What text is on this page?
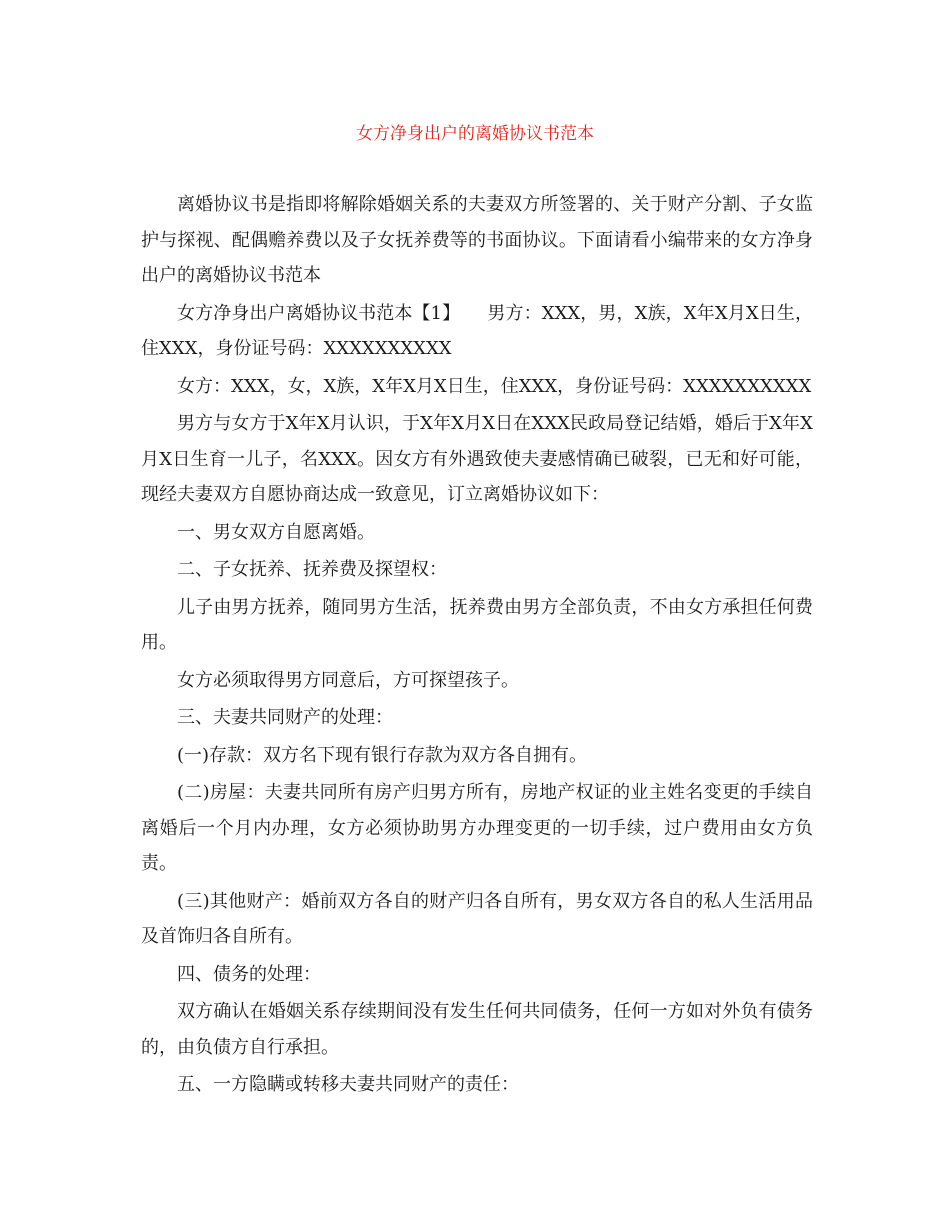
女方净身出户的离婚协议书范本

离婚协议书是指即将解除婚姻关系的夫妻双方所签署的、关于财产分割、子女监护与探视、配偶赡养费以及子女抚养费等的书面协议。下面请看小编带来的女方净身出户的离婚协议书范本

女方净身出户离婚协议书范本【1】　　男方：XXX，男，X族，X年X月X日生，住XXX，身份证号码：XXXXXXXXXX

女方：XXX，女，X族，X年X月X日生，住XXX，身份证号码：XXXXXXXXXX

男方与女方于X年X月认识，于X年X月X日在XXX民政局登记结婚，婚后于X年X月X日生育一儿子，名XXX。因女方有外遇致使夫妻感情确已破裂，已无和好可能，现经夫妻双方自愿协商达成一致意见，订立离婚协议如下：

一、男女双方自愿离婚。

二、子女抚养、抚养费及探望权：

儿子由男方抚养，随同男方生活，抚养费由男方全部负责，不由女方承担任何费用。

女方必须取得男方同意后，方可探望孩子。

三、夫妻共同财产的处理：

(一)存款：双方名下现有银行存款为双方各自拥有。

(二)房屋：夫妻共同所有房产归男方所有，房地产权证的业主姓名变更的手续自离婚后一个月内办理，女方必须协助男方办理变更的一切手续，过户费用由女方负责。

(三)其他财产：婚前双方各自的财产归各自所有，男女双方各自的私人生活用品及首饰归各自所有。

四、债务的处理：

双方确认在婚姻关系存续期间没有发生任何共同债务，任何一方如对外负有债务的，由负债方自行承担。

五、一方隐瞒或转移夫妻共同财产的责任：
